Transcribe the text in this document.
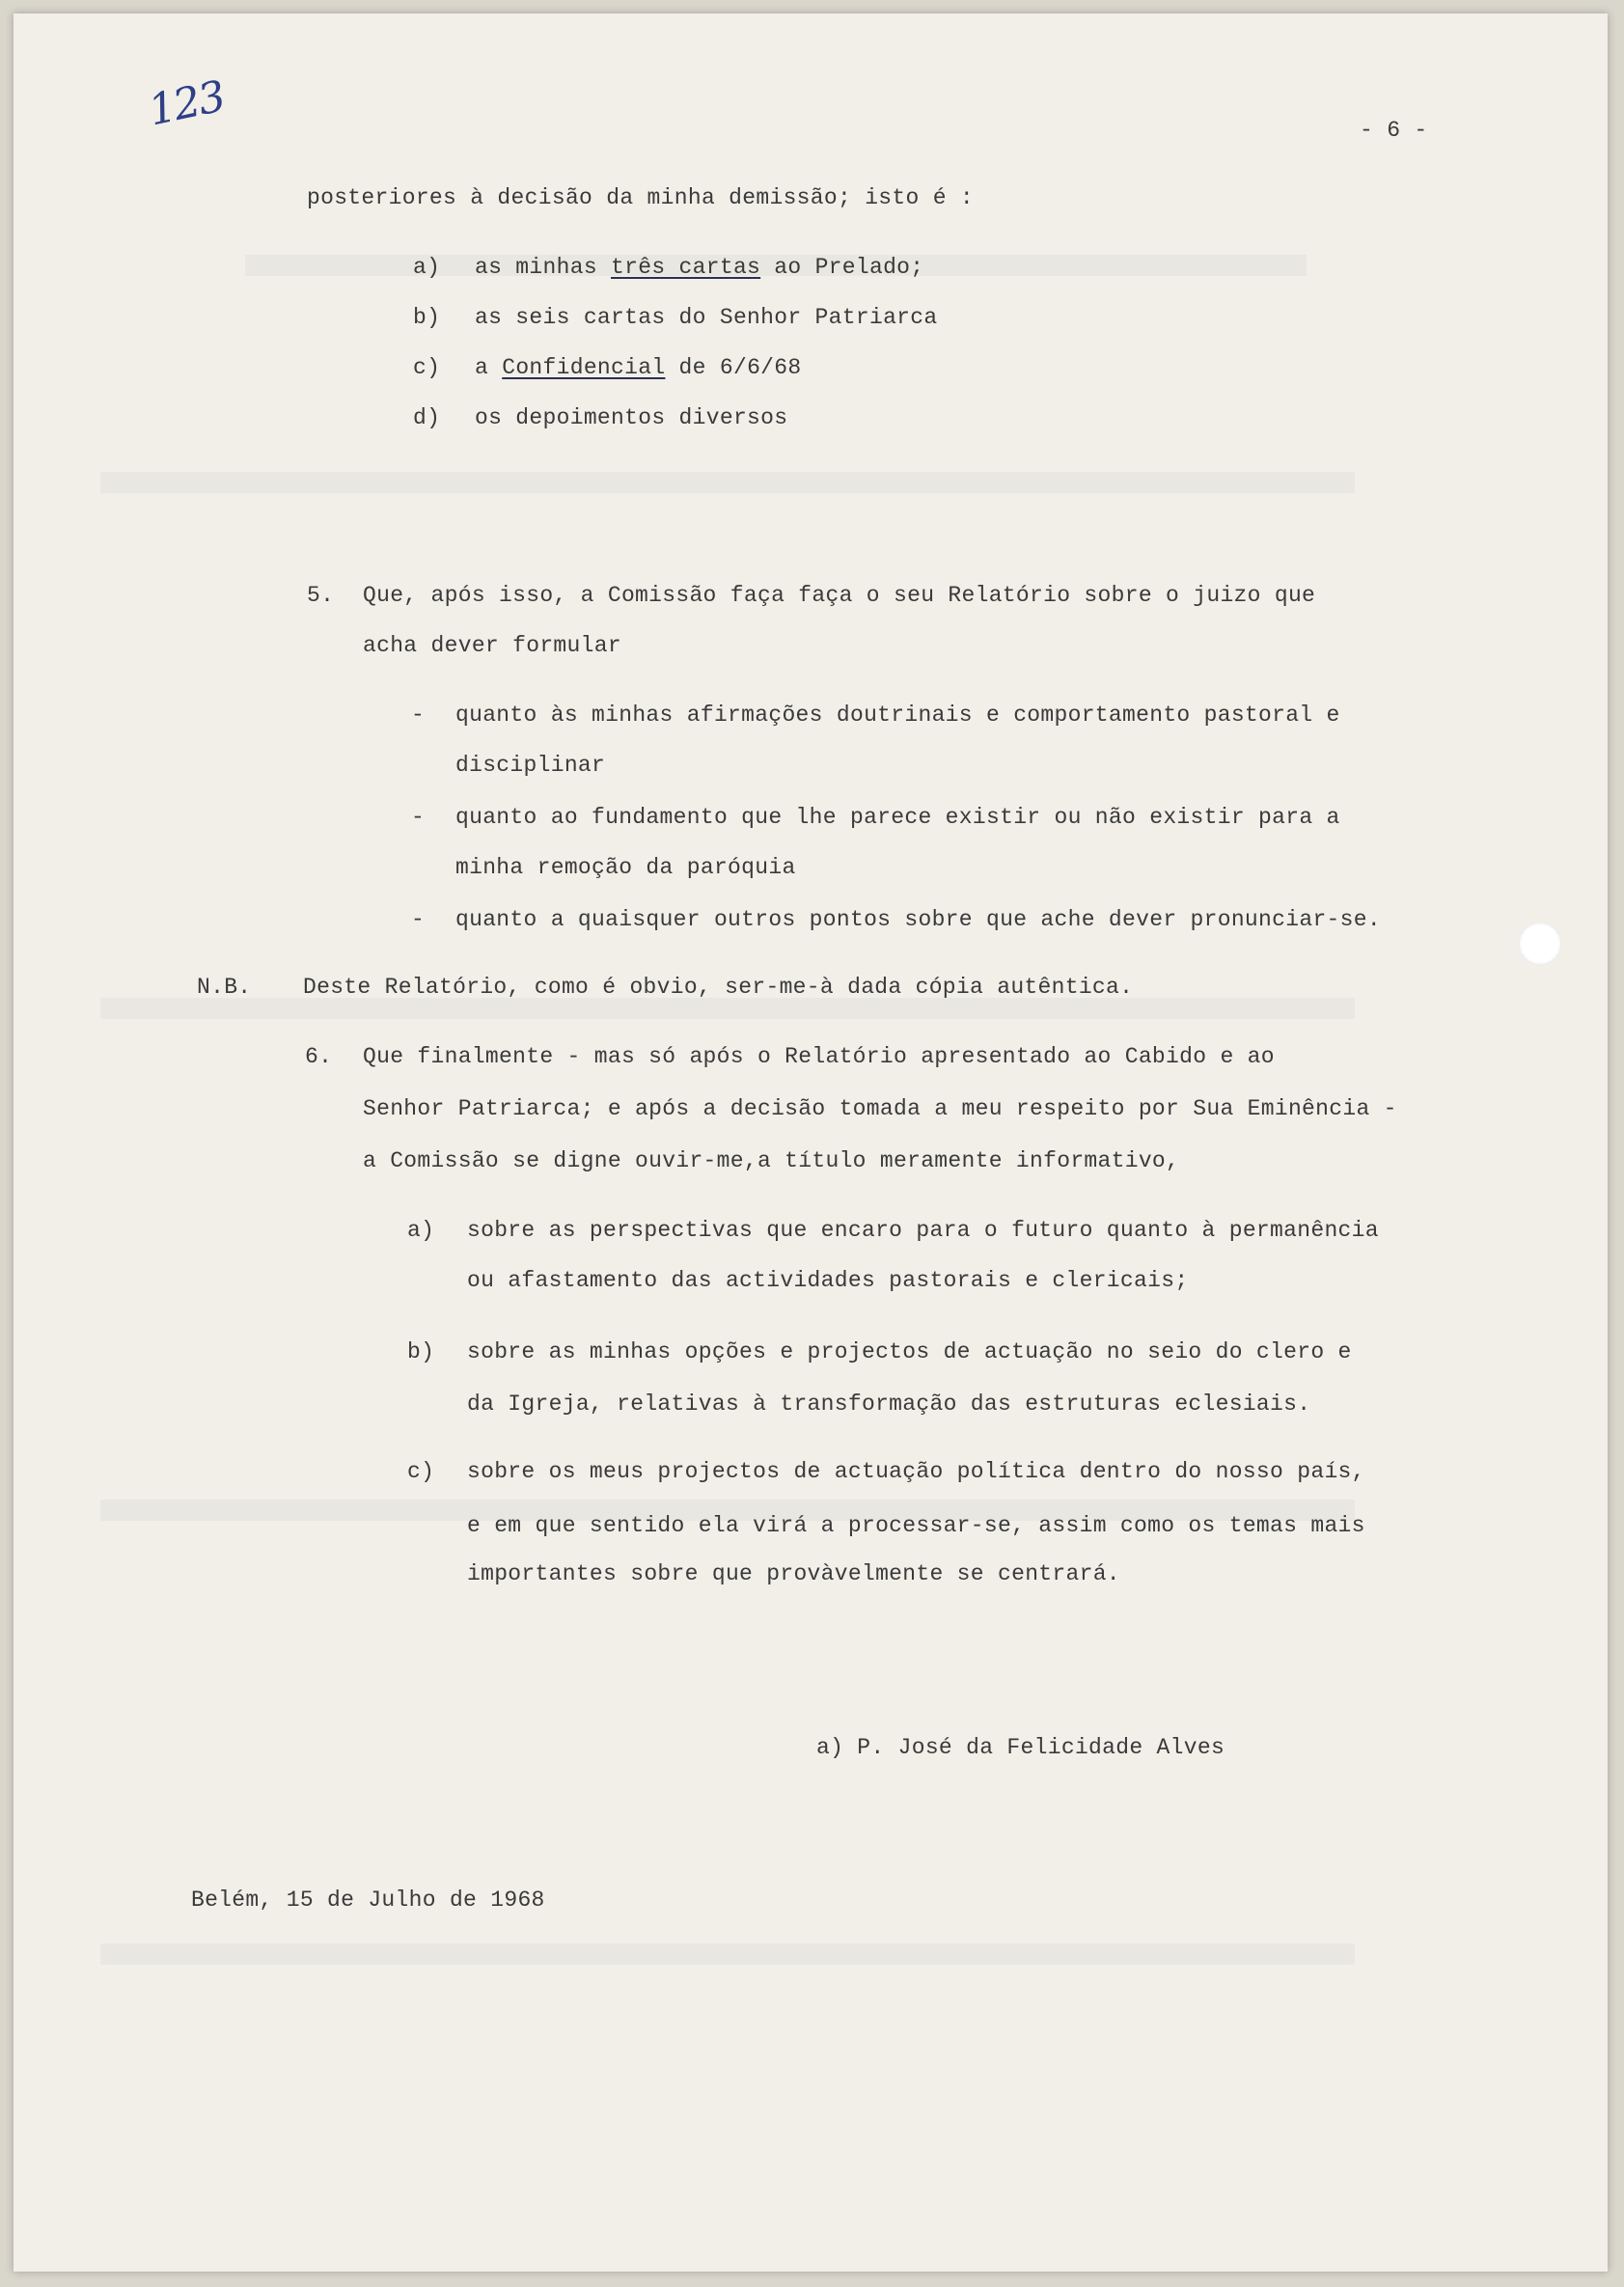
123	- 6 -
posteriores à decisão da minha demissão; isto é :
a) as minhas três cartas ao Prelado;
b) as seis cartas do Senhor Patriarca
c) a Confidencial de 6/6/68
d) os depoimentos diversos
5. Que, após isso, a Comissão faça faça o seu Relatório sobre o juizo que
acha dever formular
- quanto às minhas afirmações doutrinais e comportamento pastoral e
disciplinar
- quanto ao fundamento que lhe parece existir ou não existir para a
minha remoção da paróquia
- quanto a quaisquer outros pontos sobre que ache dever pronunciar-se.
N.B. Deste Relatório, como é obvio, ser-me-à dada cópia autêntica.
6. Que finalmente - mas só após o Relatório apresentado ao Cabido e ao
Senhor Patriarca; e após a decisão tomada a meu respeito por Sua Eminência -
a Comissão se digne ouvir-me,a título meramente informativo,
a) sobre as perspectivas que encaro para o futuro quanto à permanência
ou afastamento das actividades pastorais e clericais;
b) sobre as minhas opções e projectos de actuação no seio do clero e
da Igreja, relativas à transformação das estruturas eclesiais.
c) sobre os meus projectos de actuação política dentro do nosso país,
e em que sentido ela virá a processar-se, assim como os temas mais
importantes sobre que provàvelmente se centrará.
a) P. José da Felicidade Alves
Belém, 15 de Julho de 1968
